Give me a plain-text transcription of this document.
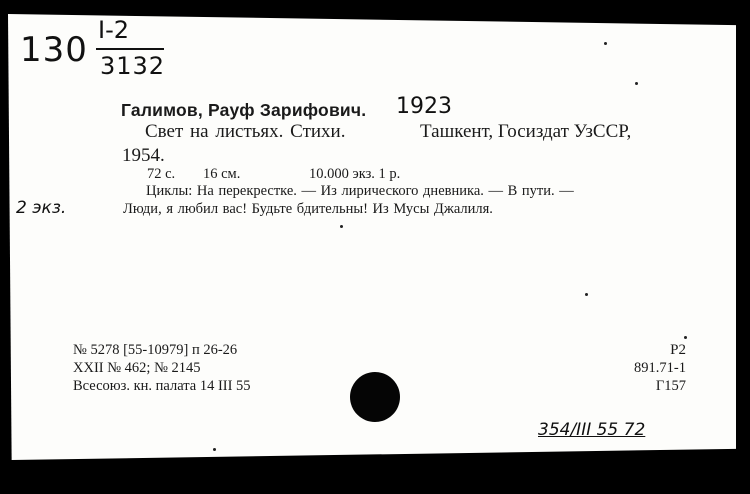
130 I-2
3132
Галимов, Рауф Зарифович. 1923
Свет на листьях. Стихи.	Ташкент, Госиздат УзССР,
1954.
72 с. 16 см.	10.000 экз. 1 р.
2 экз.
Циклы: На перекрестке. — Из лирического дневника. — В пути. —
Люди, я любил вас! Будьте бдительны! Из Мусы Джалиля.
№ 5278 [55-10979] п 26-26
XXII № 462; № 2145
Всесоюз. кн. палата 14 III 55
Р2
891.71-1
Г157
354/III 55 72
